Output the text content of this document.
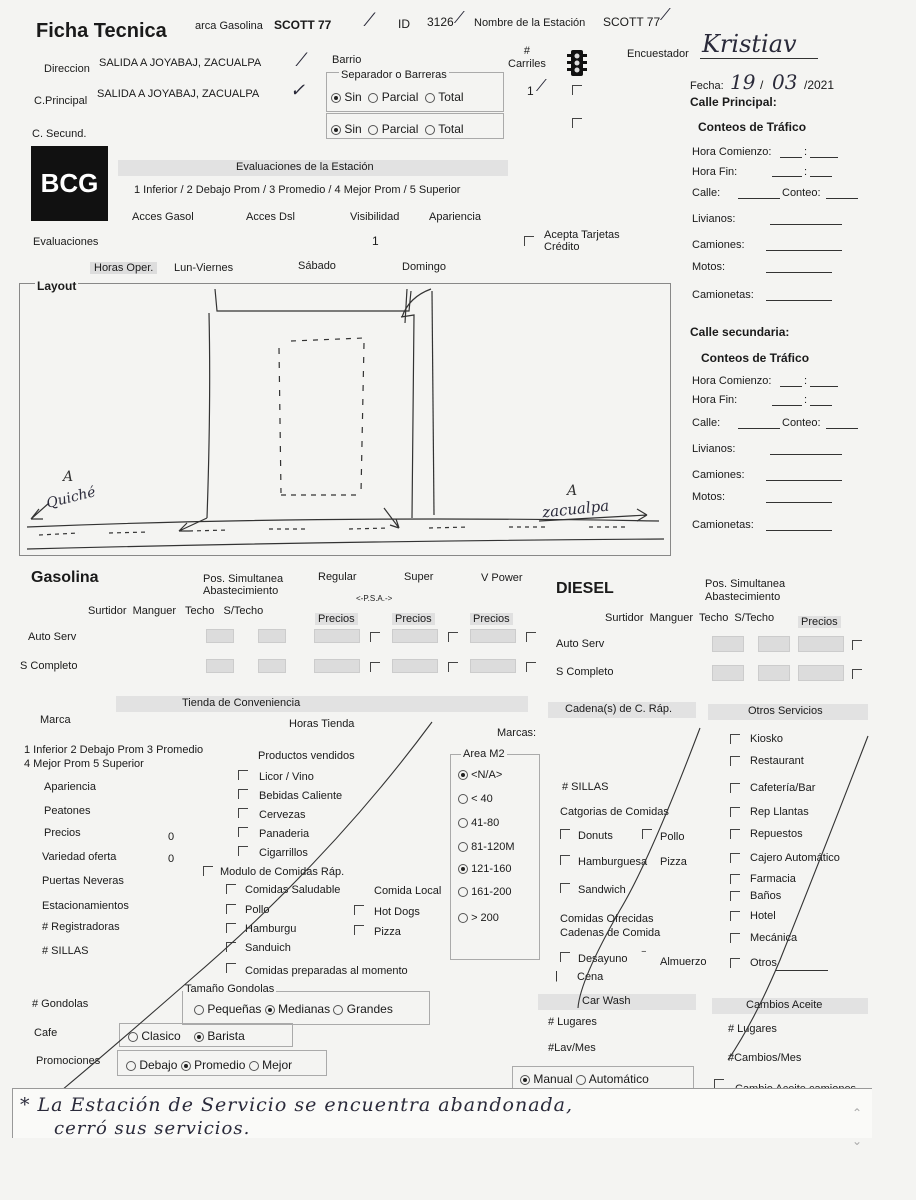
Ficha Tecnica	arca Gasolina SCOTT 77 ⁄ ID 3126 ⁄ Nombre de la Estación SCOTT 77 ⁄
Direccion SALIDA A JOYABAJ, ZACUALPA ⁄	Barrio
Separador o Barreras
Sin Parcial Total
#
Carriles
1 ⁄
Encuestador Kristiav
Fecha: 19 / 03 /2021
Calle Principal:
C.Principal
SALIDA A JOYABAJ, ZACUALPA ✓
C. Secund.	Sin Parcial Total
BCG
Evaluaciones de la Estación
1 Inferior / 2 Debajo Prom / 3 Promedio / 4 Mejor Prom / 5 Superior
Acces Gasol	Acces Dsl	Visibilidad	Apariencia
Evaluaciones	1	Acepta Tarjetas
Crédito
Horas Oper.	Lun-Viernes	Sábado	Domingo
Layout
A
A
Quiché	zacualpa
Conteos de Tráfico
Hora Comienzo:	:
Hora Fin:	:
Calle:	Conteo:
Livianos:
Camiones:
Motos:
Camionetas:
Calle secundaria:
Conteos de Tráfico
Hora Comienzo:	:
Hora Fin:	:
Calle:	Conteo:
Livianos:
Camiones:
Motos:
Camionetas:
Gasolina	Pos. Simultanea
Abastecimiento
Regular	Super	V Power
<-P.S.A.->
Surtidor  Manguer   Techo   S/Techo
Precios	Precios	Precios
Auto Serv
S Completo
DIESEL	Pos. Simultanea
Abastecimiento
Surtidor  Manguer  Techo  S/Techo Precios
Auto Serv
S Completo
Tienda de Conveniencia
Marca	Horas Tienda
1 Inferior 2 Debajo Prom 3 Promedio
4 Mejor Prom 5 Superior
Productos vendidos
Apariencia
Peatones
Precios	0
Variedad oferta	0
Puertas Neveras
Estacionamientos
# Registradoras
# SILLAS
Licor / Vino
Bebidas Caliente
Cervezas
Panaderia
Cigarrillos
Modulo de Comidas Ráp.
Comidas Saludable	Comida Local
Pollo	Hot Dogs
Hamburgu	Pizza
Sanduich
Comidas preparadas al momento
# Gondolas
Tamaño Gondolas
Pequeñas Medianas Grandes
Cafe	Clasico Barista
Promociones	Debajo Promedio Mejor
Marcas:
Area M2
<N/A>
< 40
41-80
81-120M
121-160
161-200
> 200
Cadena(s) de C. Ráp.
# SILLAS
Catgorias de Comidas
Donuts	Pollo
Hamburguesa Pizza
Sandwich
Comidas Ofrecidas
Cadenas de Comida
Desayuno ‾ Almuerzo
| Cena
Otros Servicios
Kiosko
Restaurant
Cafetería/Bar
Rep Llantas
Repuestos
Cajero Automático
Farmacia
Baños
Hotel
Mecánica
Otros
Car Wash
# Lugares
#Lav/Mes
Manual Automático
Cambios Aceite
# Lugares
#Cambios/Mes
* La Estación de Servicio se encuentra abandonada,
cerró sus servicios.
⌃
⌄
